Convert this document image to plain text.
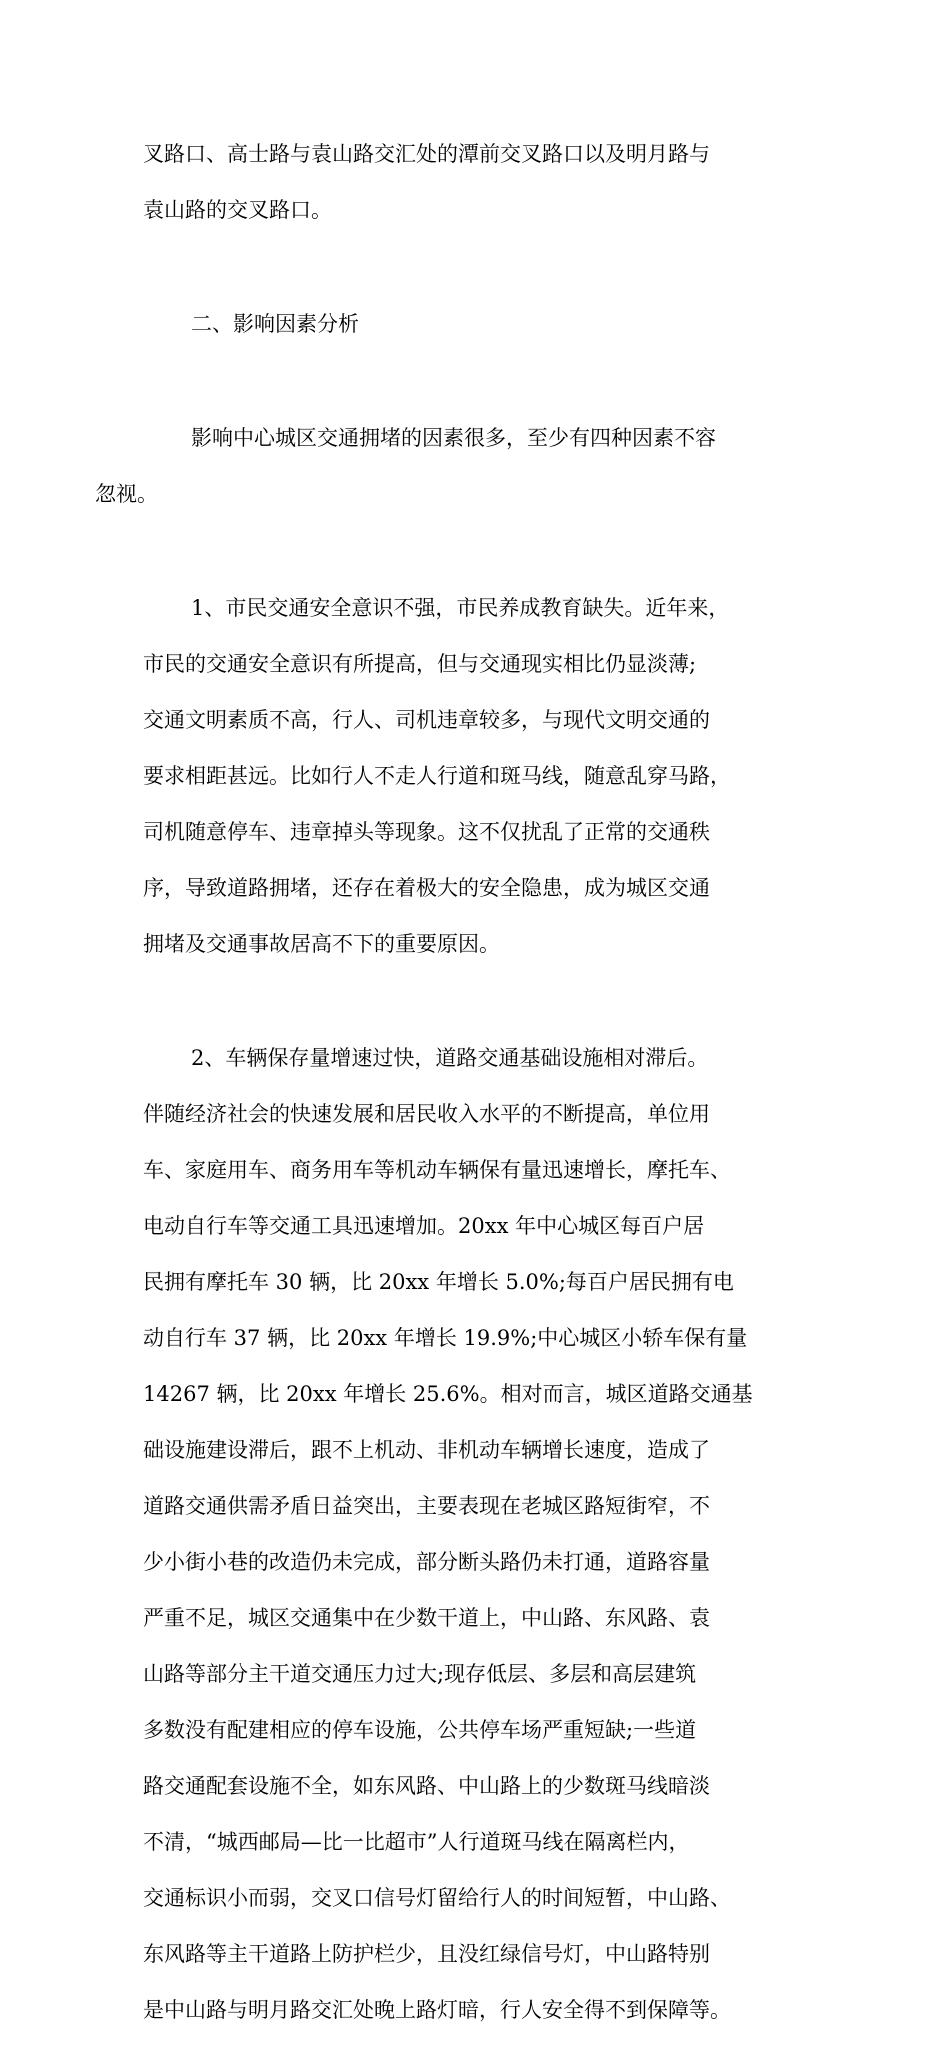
叉路口、高士路与袁山路交汇处的潭前交叉路口以及明月路与

袁山路的交叉路口。

二、影响因素分析

影响中心城区交通拥堵的因素很多，至少有四种因素不容

忽视。

1、市民交通安全意识不强，市民养成教育缺失。近年来，

市民的交通安全意识有所提高，但与交通现实相比仍显淡薄;

交通文明素质不高，行人、司机违章较多，与现代文明交通的

要求相距甚远。比如行人不走人行道和斑马线，随意乱穿马路，

司机随意停车、违章掉头等现象。这不仅扰乱了正常的交通秩

序，导致道路拥堵，还存在着极大的安全隐患，成为城区交通

拥堵及交通事故居高不下的重要原因。

2、车辆保存量增速过快，道路交通基础设施相对滞后。

伴随经济社会的快速发展和居民收入水平的不断提高，单位用

车、家庭用车、商务用车等机动车辆保有量迅速增长，摩托车、

电动自行车等交通工具迅速增加。20xx 年中心城区每百户居

民拥有摩托车 30 辆，比 20xx 年增长 5.0%;每百户居民拥有电

动自行车 37 辆，比 20xx 年增长 19.9%;中心城区小轿车保有量

14267 辆，比 20xx 年增长 25.6%。相对而言，城区道路交通基

础设施建设滞后，跟不上机动、非机动车辆增长速度，造成了

道路交通供需矛盾日益突出，主要表现在老城区路短街窄，不

少小街小巷的改造仍未完成，部分断头路仍未打通，道路容量

严重不足，城区交通集中在少数干道上，中山路、东风路、袁

山路等部分主干道交通压力过大;现存低层、多层和高层建筑

多数没有配建相应的停车设施，公共停车场严重短缺;一些道

路交通配套设施不全，如东风路、中山路上的少数斑马线暗淡

不清，“城西邮局—比一比超市”人行道斑马线在隔离栏内，

交通标识小而弱，交叉口信号灯留给行人的时间短暂，中山路、

东风路等主干道路上防护栏少，且没红绿信号灯，中山路特别

是中山路与明月路交汇处晚上路灯暗，行人安全得不到保障等。
